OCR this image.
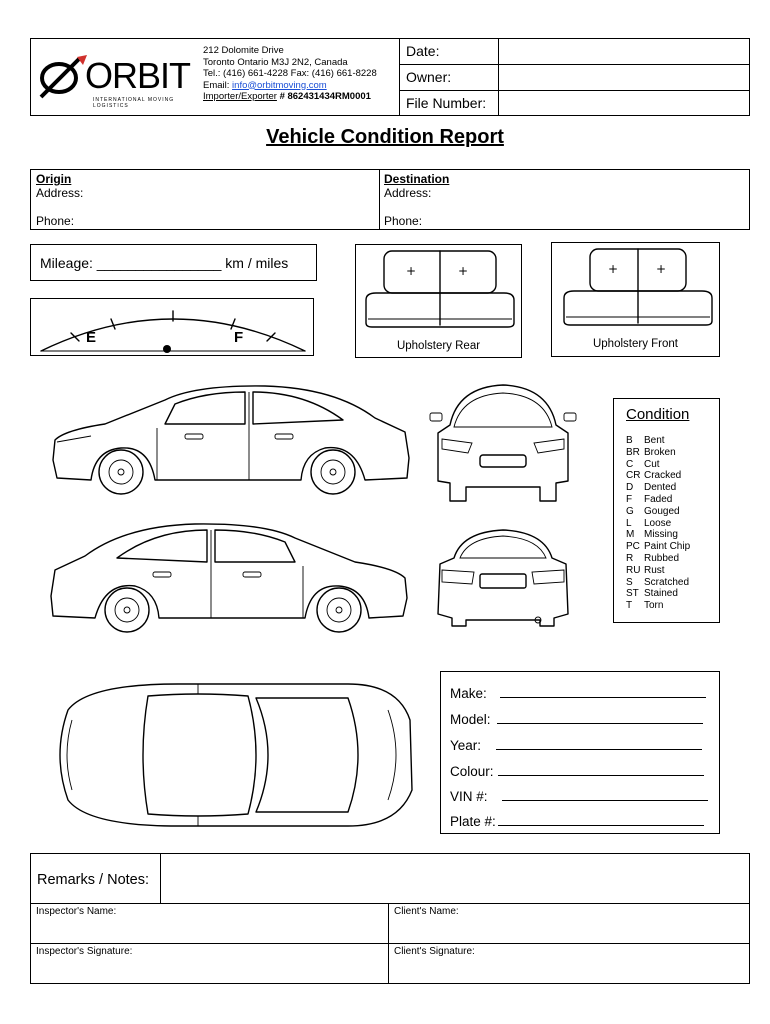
ORBIT
INTERNATIONAL MOVING LOGISTICS
212 Dolomite Drive
Toronto Ontario M3J 2N2, Canada
Tel.: (416) 661-4228 Fax: (416) 661-8228
Email: info@orbitmoving.com
Importer/Exporter # 862431434RM0001
Date:
Owner:
File Number:
Vehicle Condition Report
Origin
Address:
Phone:
Destination
Address:
Phone:
Mileage: ________________ km / miles
E	F
+	+
Upholstery Rear
+	+
Upholstery Front
Condition
B Bent
BR Broken
C Cut
CR Cracked
D Dented
F Faded
G Gouged
L Loose
M Missing
PC Paint Chip
R Rubbed
RU Rust
S Scratched
ST Stained
T Torn
Make:
Model:
Year:
Colour:
VIN #:
Plate #:
Remarks / Notes:
Inspector's Name:	Client's Name:
Inspector's Signature:	Client's Signature:
